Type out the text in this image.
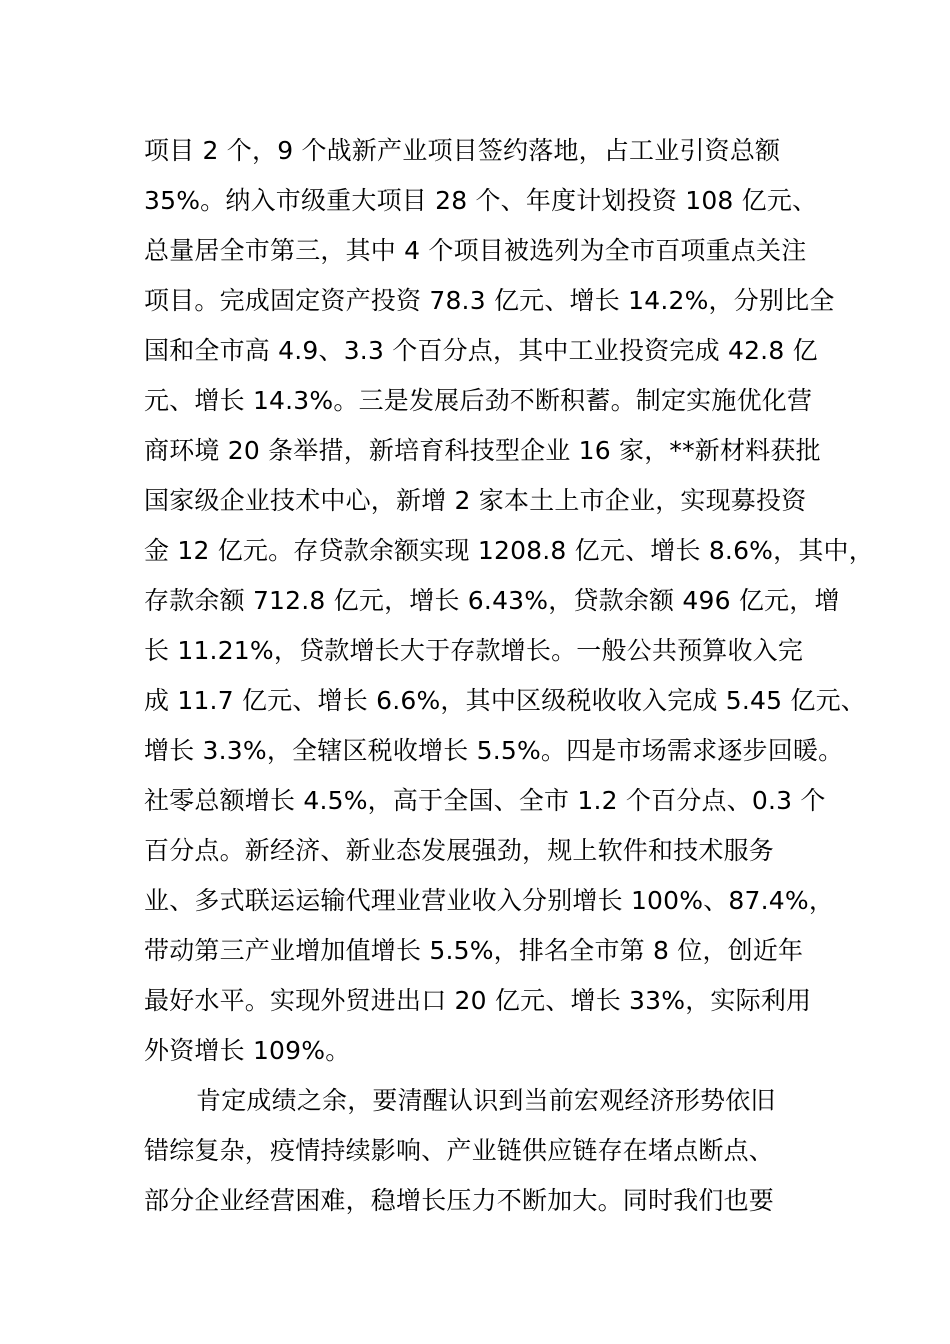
项目 2 个，9 个战新产业项目签约落地，占工业引资总额
35%。纳入市级重大项目 28 个、年度计划投资 108 亿元、
总量居全市第三，其中 4 个项目被选列为全市百项重点关注
项目。完成固定资产投资 78.3 亿元、增长 14.2%，分别比全
国和全市高 4.9、3.3 个百分点，其中工业投资完成 42.8 亿
元、增长 14.3%。三是发展后劲不断积蓄。制定实施优化营
商环境 20 条举措，新培育科技型企业 16 家，**新材料获批
国家级企业技术中心，新增 2 家本土上市企业，实现募投资
金 12 亿元。存贷款余额实现 1208.8 亿元、增长 8.6%，其中，
存款余额 712.8 亿元，增长 6.43%，贷款余额 496 亿元，增
长 11.21%，贷款增长大于存款增长。一般公共预算收入完
成 11.7 亿元、增长 6.6%，其中区级税收收入完成 5.45 亿元、
增长 3.3%，全辖区税收增长 5.5%。四是市场需求逐步回暖。
社零总额增长 4.5%，高于全国、全市 1.2 个百分点、0.3 个
百分点。新经济、新业态发展强劲，规上软件和技术服务
业、多式联运运输代理业营业收入分别增长 100%、87.4%，
带动第三产业增加值增长 5.5%，排名全市第 8 位，创近年
最好水平。实现外贸进出口 20 亿元、增长 33%，实际利用
外资增长 109%。
肯定成绩之余，要清醒认识到当前宏观经济形势依旧
错综复杂，疫情持续影响、产业链供应链存在堵点断点、
部分企业经营困难，稳增长压力不断加大。同时我们也要
